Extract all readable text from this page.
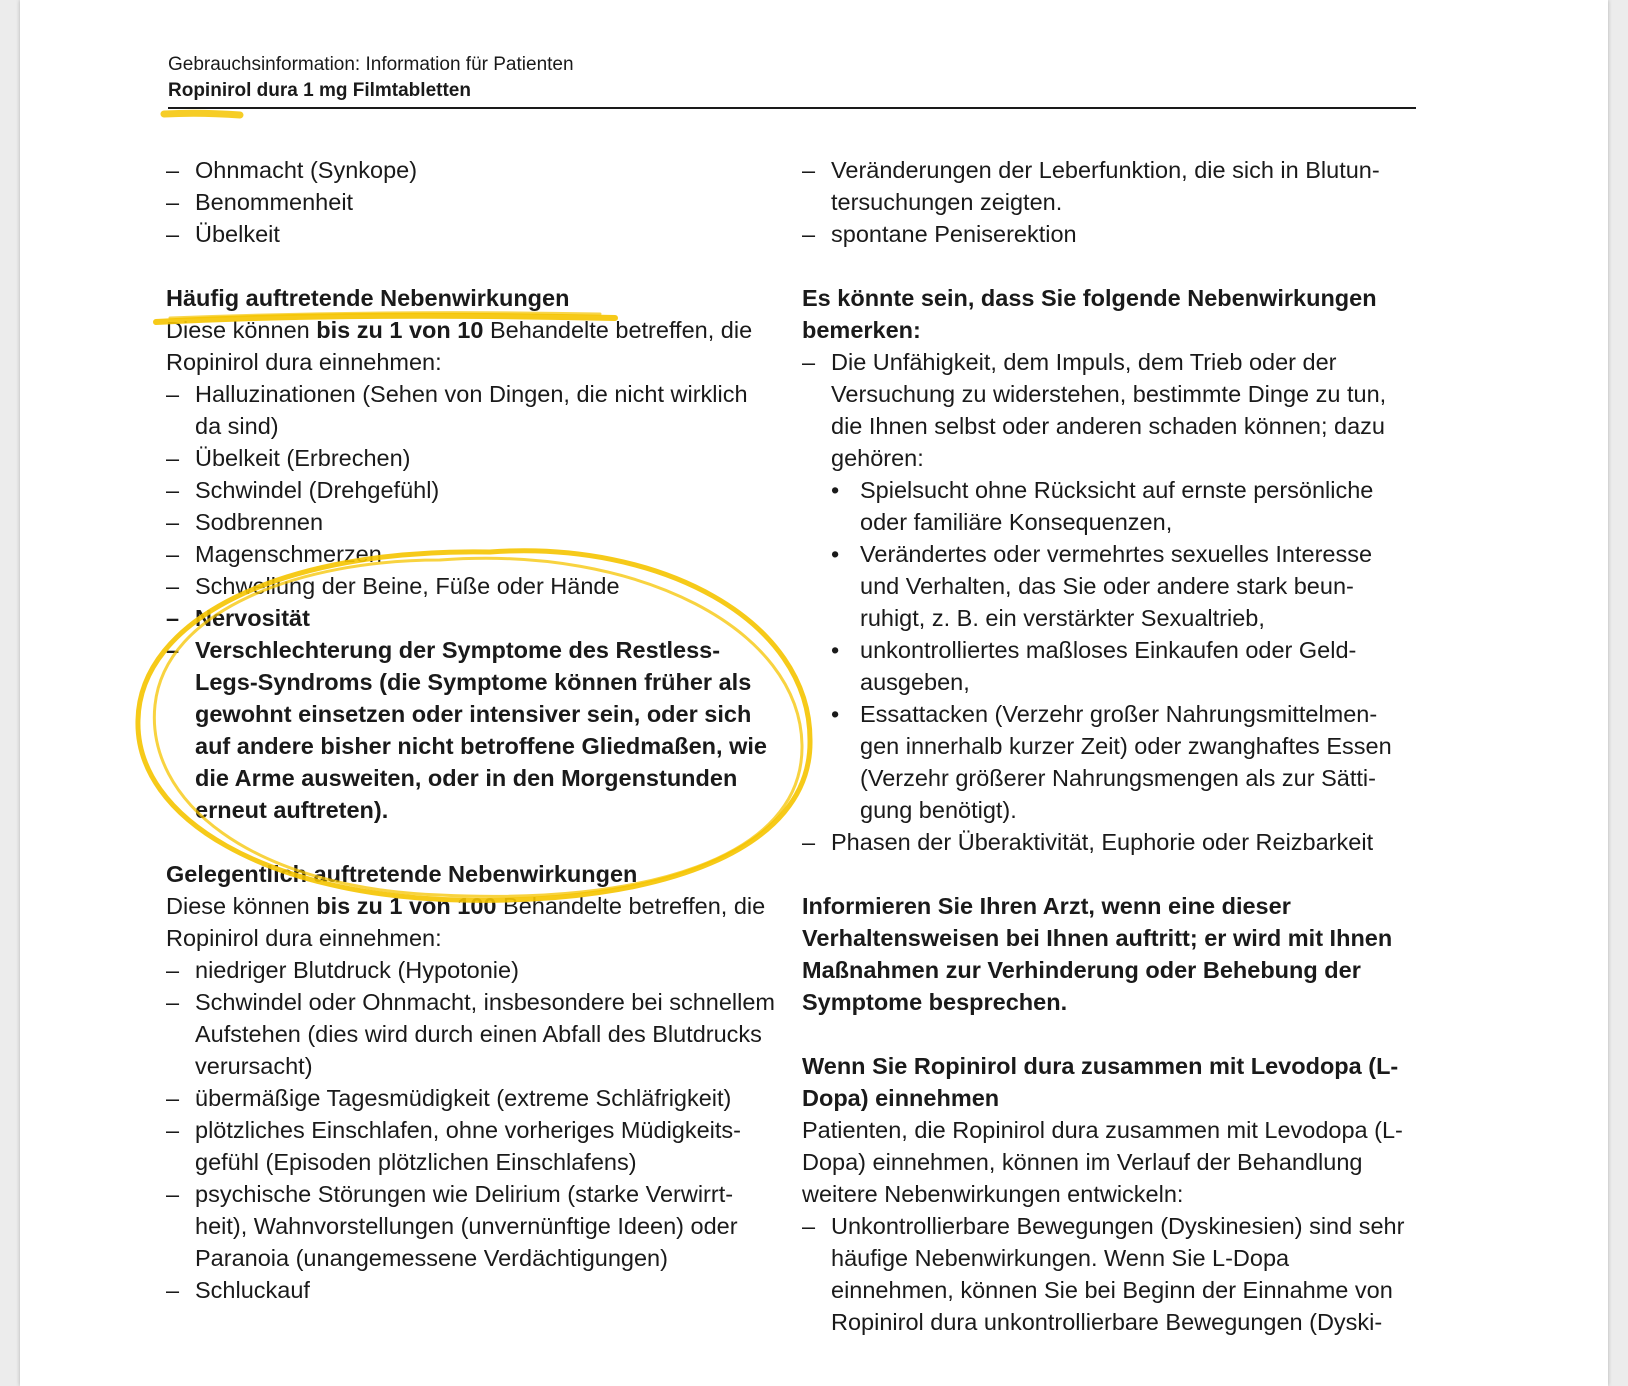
Gebrauchsinformation: Information für Patienten
Ropinirol dura 1 mg Filmtabletten
– Ohnmacht (Synkope)
– Benommenheit
– Übelkeit
Häufig auftretende Nebenwirkungen

Diese können bis zu 1 von 10 Behandelte betreffen, die Ropinirol dura einnehmen:

– Halluzinationen (Sehen von Dingen, die nicht wirklich da sind)
– Übelkeit (Erbrechen)
– Schwindel (Drehgefühl)
– Sodbrennen
– Magenschmerzen
– Schwellung der Beine, Füße oder Hände
– Nervosität
– Verschlechterung der Symptome des Restless-Legs-Syndroms (die Symptome können früher als gewohnt einsetzen oder intensiver sein, oder sich auf andere bisher nicht betroffene Gliedmaßen, wie die Arme ausweiten, oder in den Morgenstunden erneut auftreten).
Gelegentlich auftretende Nebenwirkungen

Diese können bis zu 1 von 100 Behandelte betreffen, die Ropinirol dura einnehmen:

– niedriger Blutdruck (Hypotonie)
– Schwindel oder Ohnmacht, insbesondere bei schnellem Aufstehen (dies wird durch einen Abfall des Blutdrucks verursacht)
– übermäßige Tagesmüdigkeit (extreme Schläfrigkeit)
– plötzliches Einschlafen, ohne vorheriges Müdigkeits-gefühl (Episoden plötzlichen Einschlafens)
– psychische Störungen wie Delirium (starke Verwirrt-heit), Wahnvorstellungen (unvernünftige Ideen) oder Paranoia (unangemessene Verdächtigungen)
– Schluckauf
– Veränderungen der Leberfunktion, die sich in Blutun-tersuchungen zeigten.
– spontane Peniserektion
Es könnte sein, dass Sie folgende Nebenwirkungen bemerken:
– Die Unfähigkeit, dem Impuls, dem Trieb oder der Versuchung zu widerstehen, bestimmte Dinge zu tun, die Ihnen selbst oder anderen schaden können; dazu gehören:
• Spielsucht ohne Rücksicht auf ernste persönliche oder familiäre Konsequenzen,
• Verändertes oder vermehrtes sexuelles Interesse und Verhalten, das Sie oder andere stark beun-ruhigt, z. B. ein verstärkter Sexualtrieb,
• unkontrolliertes maßloses Einkaufen oder Geld-ausgeben,
• Essattacken (Verzehr großer Nahrungsmittelmen-gen innerhalb kurzer Zeit) oder zwanghaftes Essen (Verzehr größerer Nahrungsmengen als zur Sätti-gung benötigt).
– Phasen der Überaktivität, Euphorie oder Reizbarkeit

Informieren Sie Ihren Arzt, wenn eine dieser Verhaltensweisen bei Ihnen auftritt; er wird mit Ihnen Maßnahmen zur Verhinderung oder Behebung der Symptome besprechen.

Wenn Sie Ropinirol dura zusammen mit Levodopa (L-Dopa) einnehmen

Patienten, die Ropinirol dura zusammen mit Levodopa (L-Dopa) einnehmen, können im Verlauf der Behandlung weitere Nebenwirkungen entwickeln:

– Unkontrollierbare Bewegungen (Dyskinesien) sind sehr häufige Nebenwirkungen. Wenn Sie L-Dopa einnehmen, können Sie bei Beginn der Einnahme von Ropinirol dura unkontrollierbare Bewegungen (Dyski-
